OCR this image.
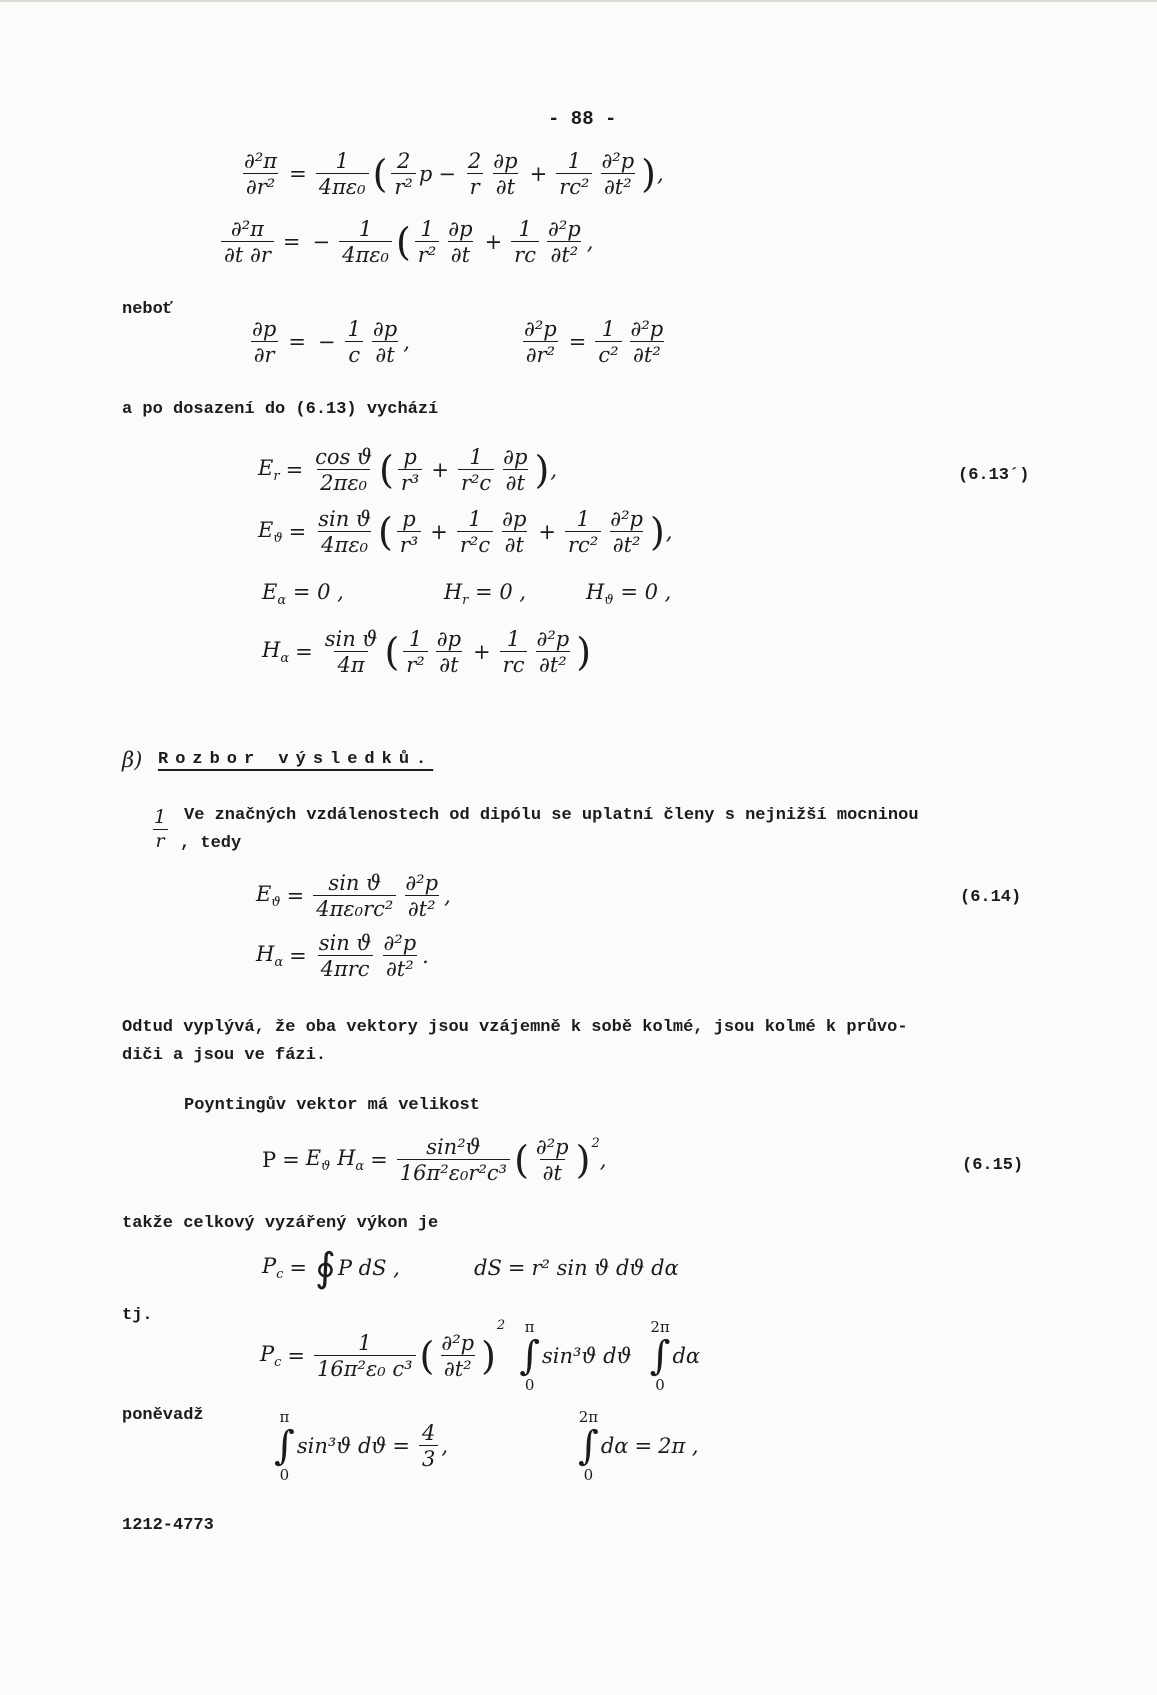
- 88 -
$\frac{\text{∂²π}}{\text{∂r²}} = \frac{1}{\text{4πε₀}}$ ( $\frac{2}{\text{r²}}$ $p - \frac{2}{r} \frac{\partial p}{\partial t} + \frac{1}{\text{rc²}} \frac{\text{∂²p}}{\text{∂t²}}$ ) ,
$\frac{\text{∂²π}}{\partial t \partial r}$ = − $\frac{1}{\text{4πε₀}}$ ( $\frac{1}{\text{r²}} \frac{\partial p}{\partial t} + \frac{1}{rc} \frac{\text{∂²p}}{\text{∂t²}}$ ,
neboť
$\frac{\partial p}{\partial r}$ = − $\frac{1}{c} \frac{\partial p}{\partial t}$ ,	$\frac{\text{∂²p}}{\text{∂r²}} = \frac{1}{\text{c²}} \frac{\text{∂²p}}{\text{∂t²}}$
a po dosazení do (6.13) vychází
$E_r = \frac{\text{cos ϑ}}{\text{2πε₀}}$ ( $\frac{p}{\text{r³}} + \frac{1}{\text{r²c}} \frac{\partial p}{\partial t}$ ) ,	(6.13´)
$E_ϑ = \frac{\text{sin ϑ}}{\text{4πε₀}}$ ( $\frac{p}{\text{r³}} + \frac{1}{\text{r²c}} \frac{\partial p}{\partial t} + \frac{1}{\text{rc²}} \frac{\text{∂²p}}{\text{∂t²}}$ ) ,
$E_\alpha = 0$ ,	$H_r = 0$ ,	$H_ϑ = 0$ ,
$H_\alpha = \frac{\text{sin ϑ}}{4\pi}$ ( $\frac{1}{\text{r²}} \frac{\partial p}{\partial t} + \frac{1}{rc} \frac{\text{∂²p}}{\text{∂t²}}$ )
β) Rozbor výsledků.
Ve značných vzdálenostech od dipólu se uplatní členy s nejnižší mocninou
$\frac{1}{r}$ , tedy
$E_ϑ = \frac{\text{sin ϑ}}{\text{4πε₀rc²}} \frac{\text{∂²p}}{\text{∂t²}}$ ,	(6.14)
$H_\alpha = \frac{\text{sin ϑ}}{\text{4πrc}} \frac{\text{∂²p}}{\text{∂t²}}$ .
Odtud vyplývá, že oba vektory jsou vzájemně k sobě kolmé, jsou kolmé k průvo-
diči a jsou ve fázi.
Poyntingův vektor má velikost
$P = E_ϑ$ $H_\alpha = \frac{\text{sin²ϑ}}{\text{16π²ε₀r²c³}}$ ( $\frac{\text{∂²p}}{\partial t} )^2$
,	(6.15)
takže celkový vyzářený výkon je
$P_c$ = ∮ P dS ,	dS = r² sin ϑ dϑ dα
tj.
$P_c = \frac{1}{\text{16π²ε₀ c³}}$ ( $\frac{\text{∂²p}}{\text{∂t²}}$ )
2 π
∫
0
sin³ϑ dϑ
2π
∫
0
dα
poněvadž	π
∫
0
sin³ϑ $dϑ = \frac{4}{3}$ ,
2π
∫
0
dα = 2π ,
1212-4773
